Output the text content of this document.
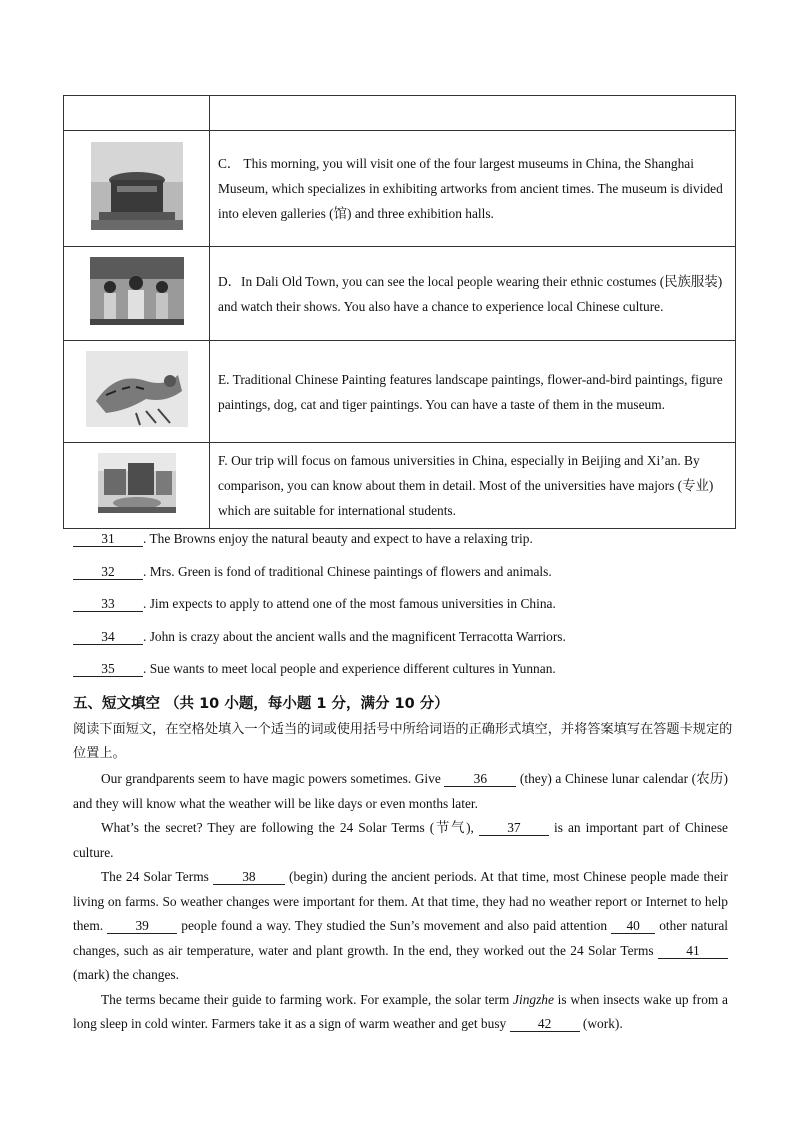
	C． This morning, you will visit one of the four largest museums in China, the Shanghai Museum, which specializes in exhibiting artworks from ancient times. The museum is divided into eleven galleries (馆) and three exhibition halls.
	D．In Dali Old Town, you can see the local people wearing their ethnic costumes (民族服装) and watch their shows. You also have a chance to experience local Chinese culture.
	E. Traditional Chinese Painting features landscape paintings, flower-and-bird paintings, figure paintings, dog, cat and tiger paintings. You can have a taste of them in the museum.
	F. Our trip will focus on famous universities in China, especially in Beijing and Xi’an. By comparison, you can know about them in detail. Most of the universities have majors (专业) which are suitable for international students.
31 . The Browns enjoy the natural beauty and expect to have a relaxing trip.
32 . Mrs. Green is fond of traditional Chinese paintings of flowers and animals.
33 . Jim expects to apply to attend one of the most famous universities in China.
34 . John is crazy about the ancient walls and the magnificent Terracotta Warriors.
35 . Sue wants to meet local people and experience different cultures in Yunnan.
五、短文填空 （共 10 小题，每小题 1 分，满分 10 分）
阅读下面短文，在空格处填入一个适当的词或使用括号中所给词语的正确形式填空，并将答案填写在答题卡规定的位置上。

Our grandparents seem to have magic powers sometimes. Give 36 (they) a Chinese lunar calendar (农历) and they will know what the weather will be like days or even months later.

What’s the secret? They are following the 24 Solar Terms (节气), 37 is an important part of Chinese culture.

The 24 Solar Terms 38 (begin) during the ancient periods. At that time, most Chinese people made their living on farms. So weather changes were important for them. At that time, they had no weather report or Internet to help them. 39 people found a way. They studied the Sun’s movement and also paid attention 40 other natural changes, such as air temperature, water and plant growth. In the end, they worked out the 24 Solar Terms 41 (mark) the changes.

The terms became their guide to farming work. For example, the solar term Jingzhe is when insects wake up from a long sleep in cold winter. Farmers take it as a sign of warm weather and get busy 42 (work).
